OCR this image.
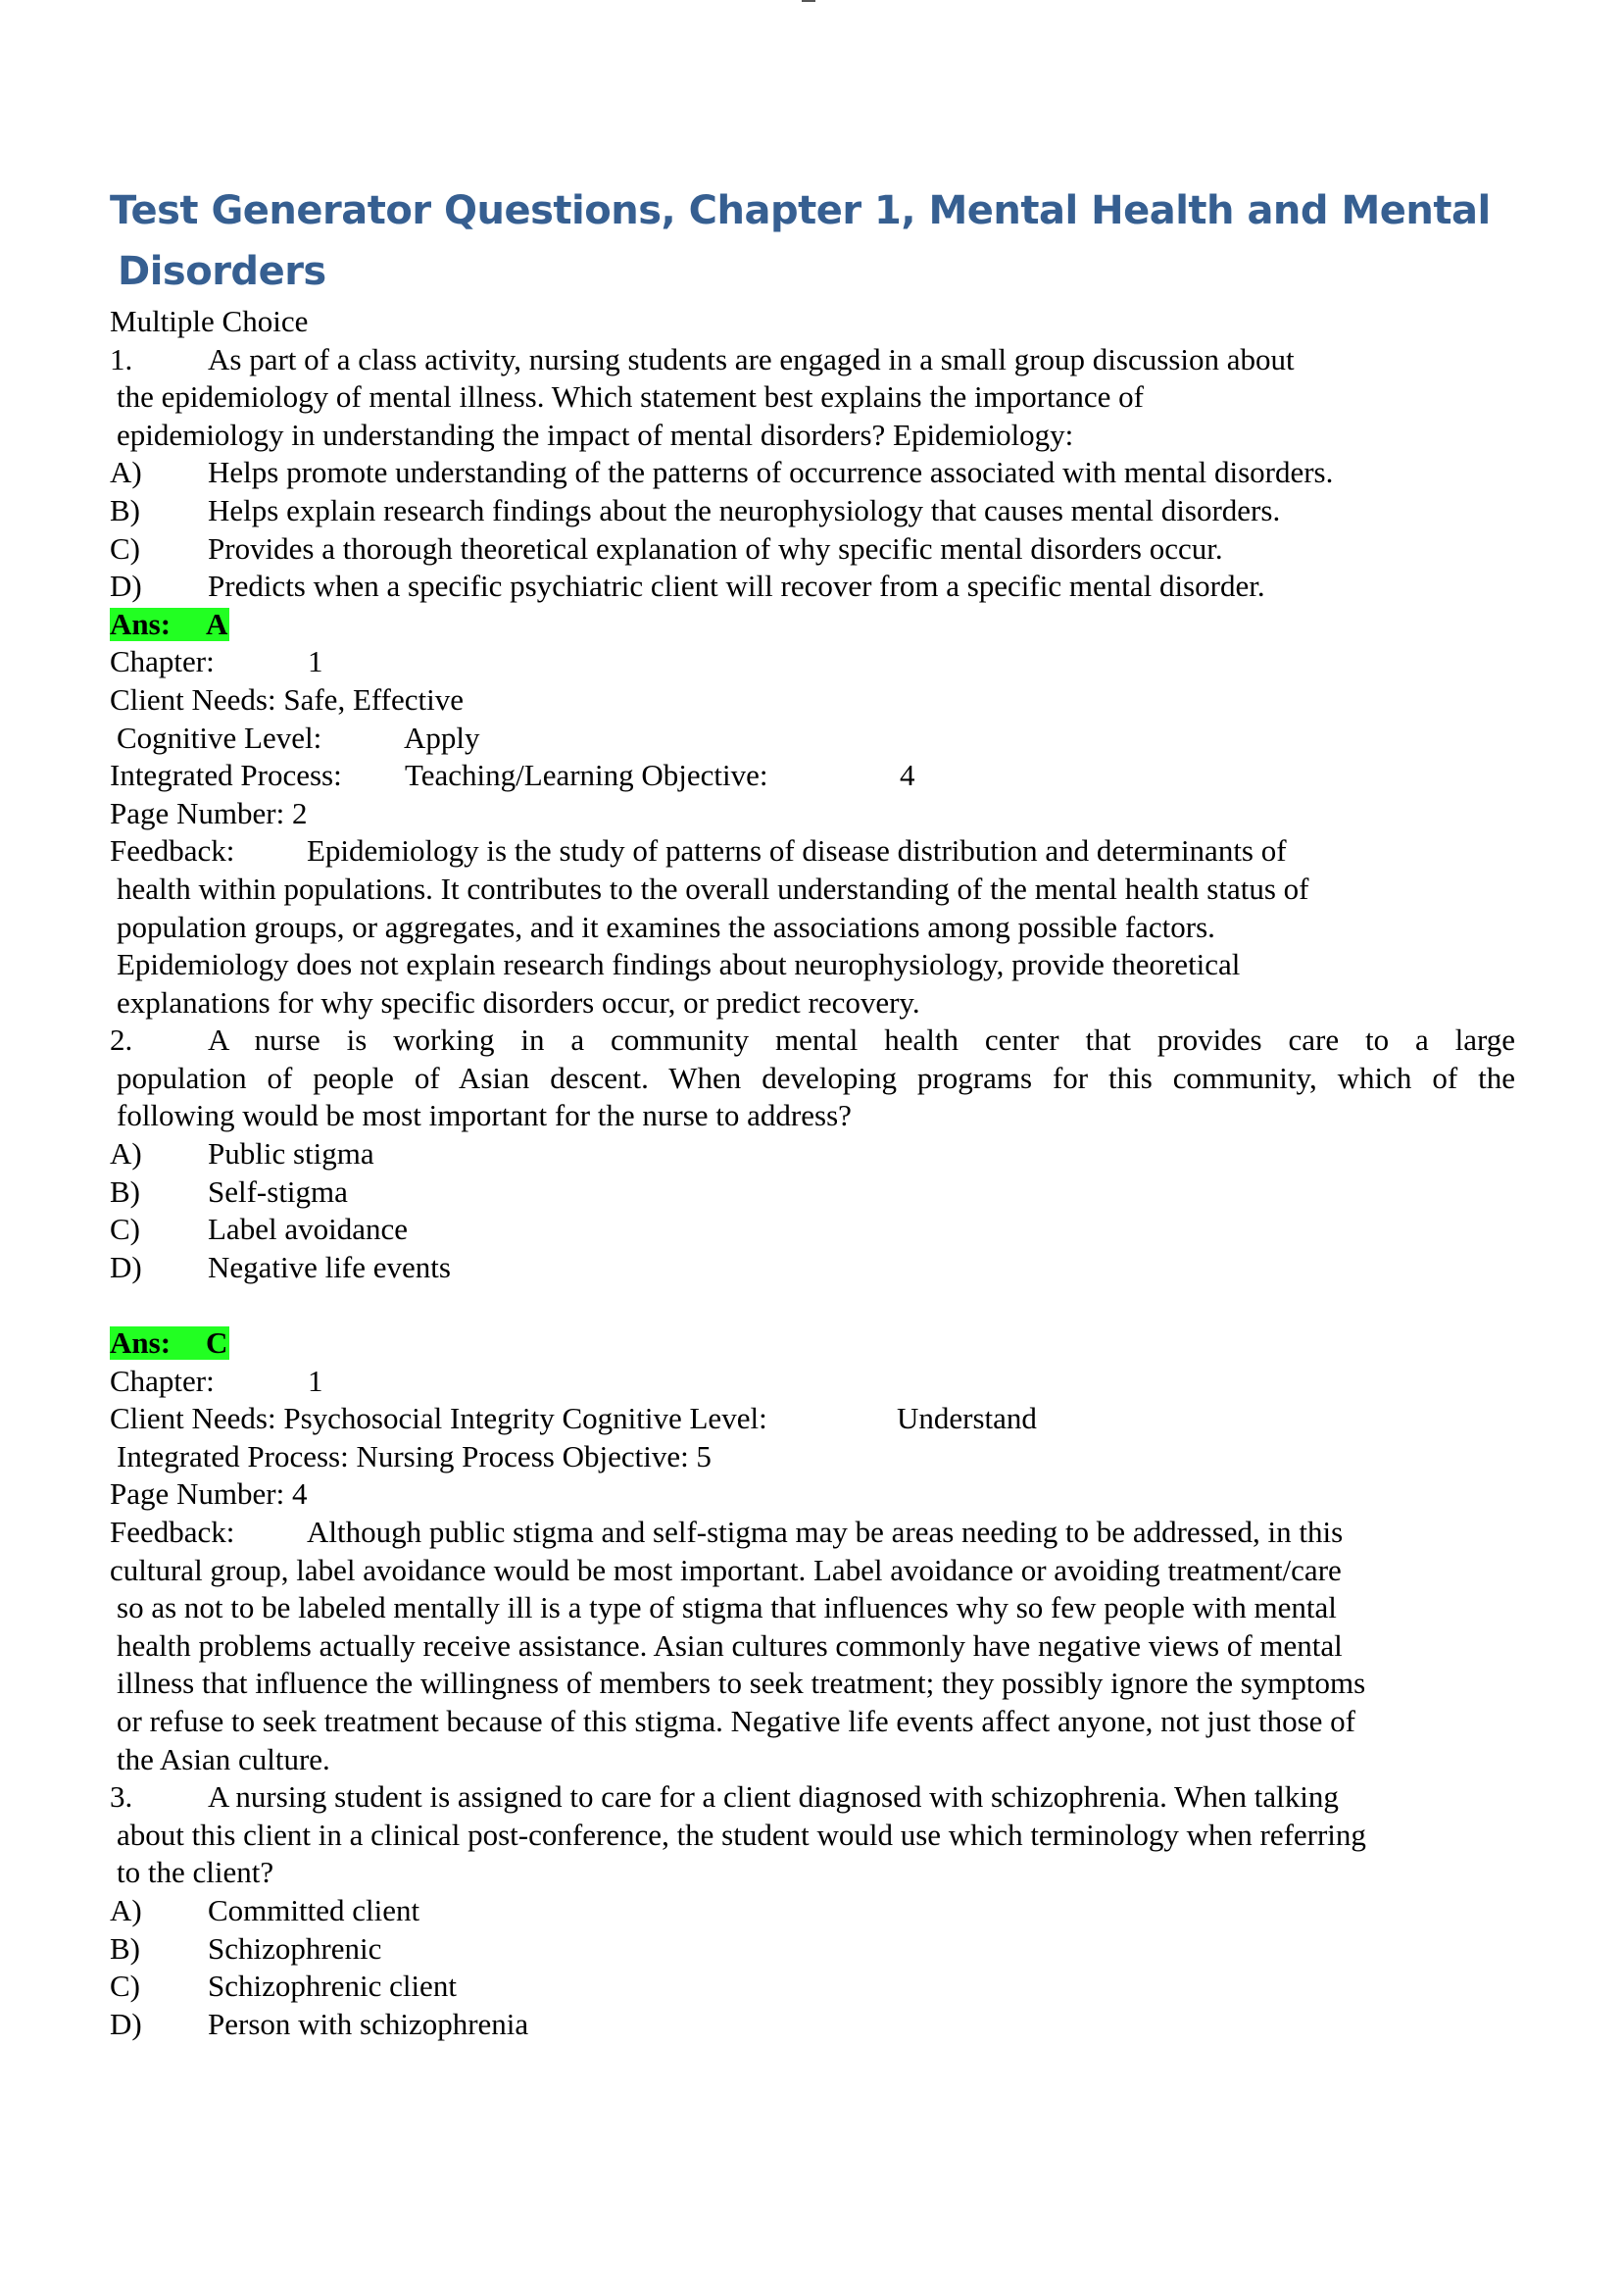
Test Generator Questions, Chapter 1, Mental Health and Mental
Disorders
Multiple Choice
1. As part of a class activity, nursing students are engaged in a small group discussion about
the epidemiology of mental illness. Which statement best explains the importance of
epidemiology in understanding the impact of mental disorders? Epidemiology:
A) Helps promote understanding of the patterns of occurrence associated with mental disorders.
B) Helps explain research findings about the neurophysiology that causes mental disorders.
C) Provides a thorough theoretical explanation of why specific mental disorders occur.
D) Predicts when a specific psychiatric client will recover from a specific mental disorder.
Ans: A
Chapter:	1
Client Needs: Safe, Effective
Cognitive Level:	Apply
Integrated Process: Teaching/Learning Objective:	4
Page Number: 2
Feedback: Epidemiology is the study of patterns of disease distribution and determinants of
health within populations. It contributes to the overall understanding of the mental health status of
population groups, or aggregates, and it examines the associations among possible factors.
Epidemiology does not explain research findings about neurophysiology, provide theoretical
explanations for why specific disorders occur, or predict recovery.
2. A nurse is working in a community mental health center that provides care to a large
population of people of Asian descent. When developing programs for this community, which of the
following would be most important for the nurse to address?
A) Public stigma
B) Self-stigma
C) Label avoidance
D) Negative life events
Ans: C
Chapter:	1
Client Needs: Psychosocial Integrity Cognitive Level:	Understand
Integrated Process: Nursing Process Objective: 5
Page Number: 4
Feedback: Although public stigma and self-stigma may be areas needing to be addressed, in this
cultural group, label avoidance would be most important. Label avoidance or avoiding treatment/care
so as not to be labeled mentally ill is a type of stigma that influences why so few people with mental
health problems actually receive assistance. Asian cultures commonly have negative views of mental
illness that influence the willingness of members to seek treatment; they possibly ignore the symptoms
or refuse to seek treatment because of this stigma. Negative life events affect anyone, not just those of
the Asian culture.
3. A nursing student is assigned to care for a client diagnosed with schizophrenia. When talking
about this client in a clinical post-conference, the student would use which terminology when referring
to the client?
A) Committed client
B) Schizophrenic
C) Schizophrenic client
D) Person with schizophrenia
